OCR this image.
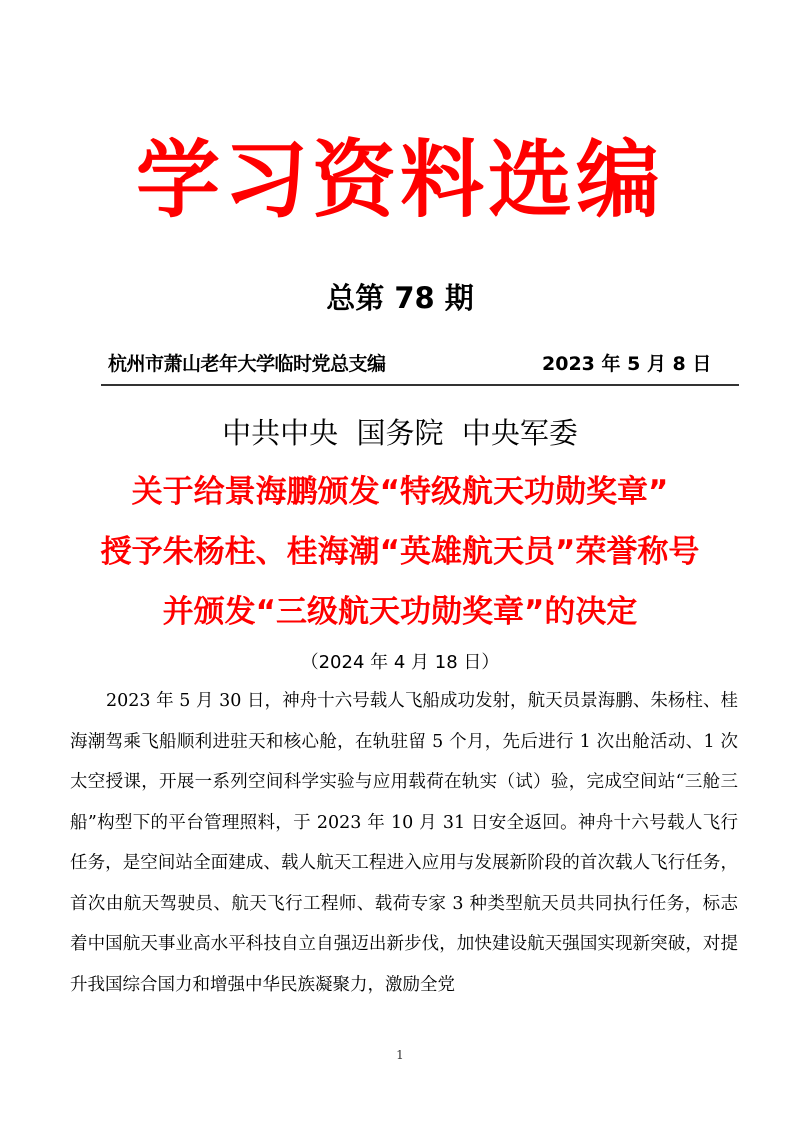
学习资料选编
总第 78 期
杭州市萧山老年大学临时党总支编	2023 年 5 月 8 日
中共中央  国务院  中央军委
关于给景海鹏颁发“特级航天功勋奖章”
授予朱杨柱、桂海潮“英雄航天员”荣誉称号
并颁发“三级航天功勋奖章”的决定
（2024 年 4 月 18 日）
2023 年 5 月 30 日，神舟十六号载人飞船成功发射，航天员景海鹏、朱杨柱、桂海潮驾乘飞船顺利进驻天和核心舱，在轨驻留 5 个月，先后进行 1 次出舱活动、1 次太空授课，开展一系列空间科学实验与应用载荷在轨实（试）验，完成空间站“三舱三船”构型下的平台管理照料，于 2023 年 10 月 31 日安全返回。神舟十六号载人飞行任务，是空间站全面建成、载人航天工程进入应用与发展新阶段的首次载人飞行任务，首次由航天驾驶员、航天飞行工程师、载荷专家 3 种类型航天员共同执行任务，标志着中国航天事业高水平科技自立自强迈出新步伐，加快建设航天强国实现新突破，对提升我国综合国力和增强中华民族凝聚力，激励全党
1
